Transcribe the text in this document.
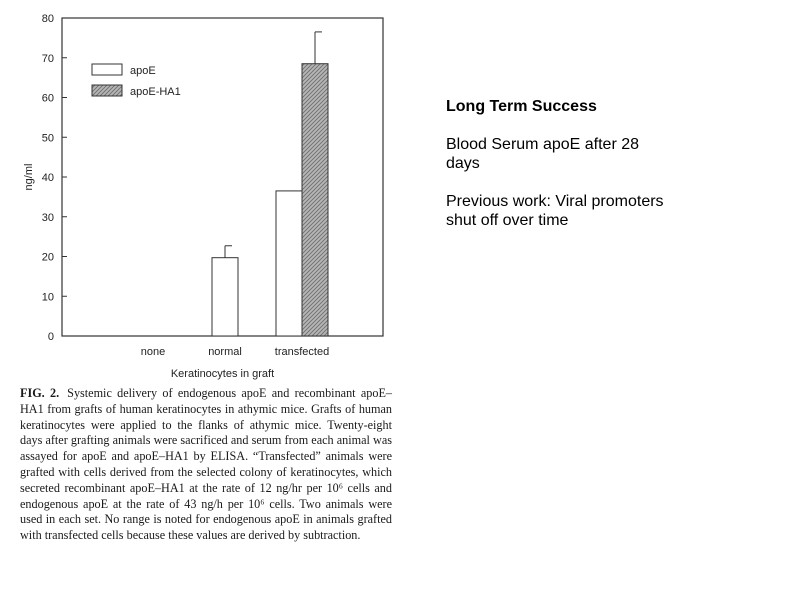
0
10
20
30
40
50
60
70
80
ng/ml
none	normal	transfected
apoE
apoE-HA1
Keratinocytes in graft

FIG. 2. Systemic delivery of endogenous apoE and recombinant apoE–HA1 from grafts of human keratinocytes in athymic mice. Grafts of human keratinocytes were applied to the flanks of athymic mice. Twenty-eight days after grafting animals were sacrificed and serum from each animal was assayed for apoE and apoE–HA1 by ELISA. “Transfected” animals were grafted with cells derived from the selected colony of keratinocytes, which secreted recombinant apoE–HA1 at the rate of 12 ng/hr per 10⁶ cells and endogenous apoE at the rate of 43 ng/h per 10⁶ cells. Two animals were used in each set. No range is noted for endogenous apoE in animals grafted with transfected cells because these values are derived by subtraction.

Long Term Success

Blood Serum apoE after 28 days

Previous work: Viral promoters shut off over time
